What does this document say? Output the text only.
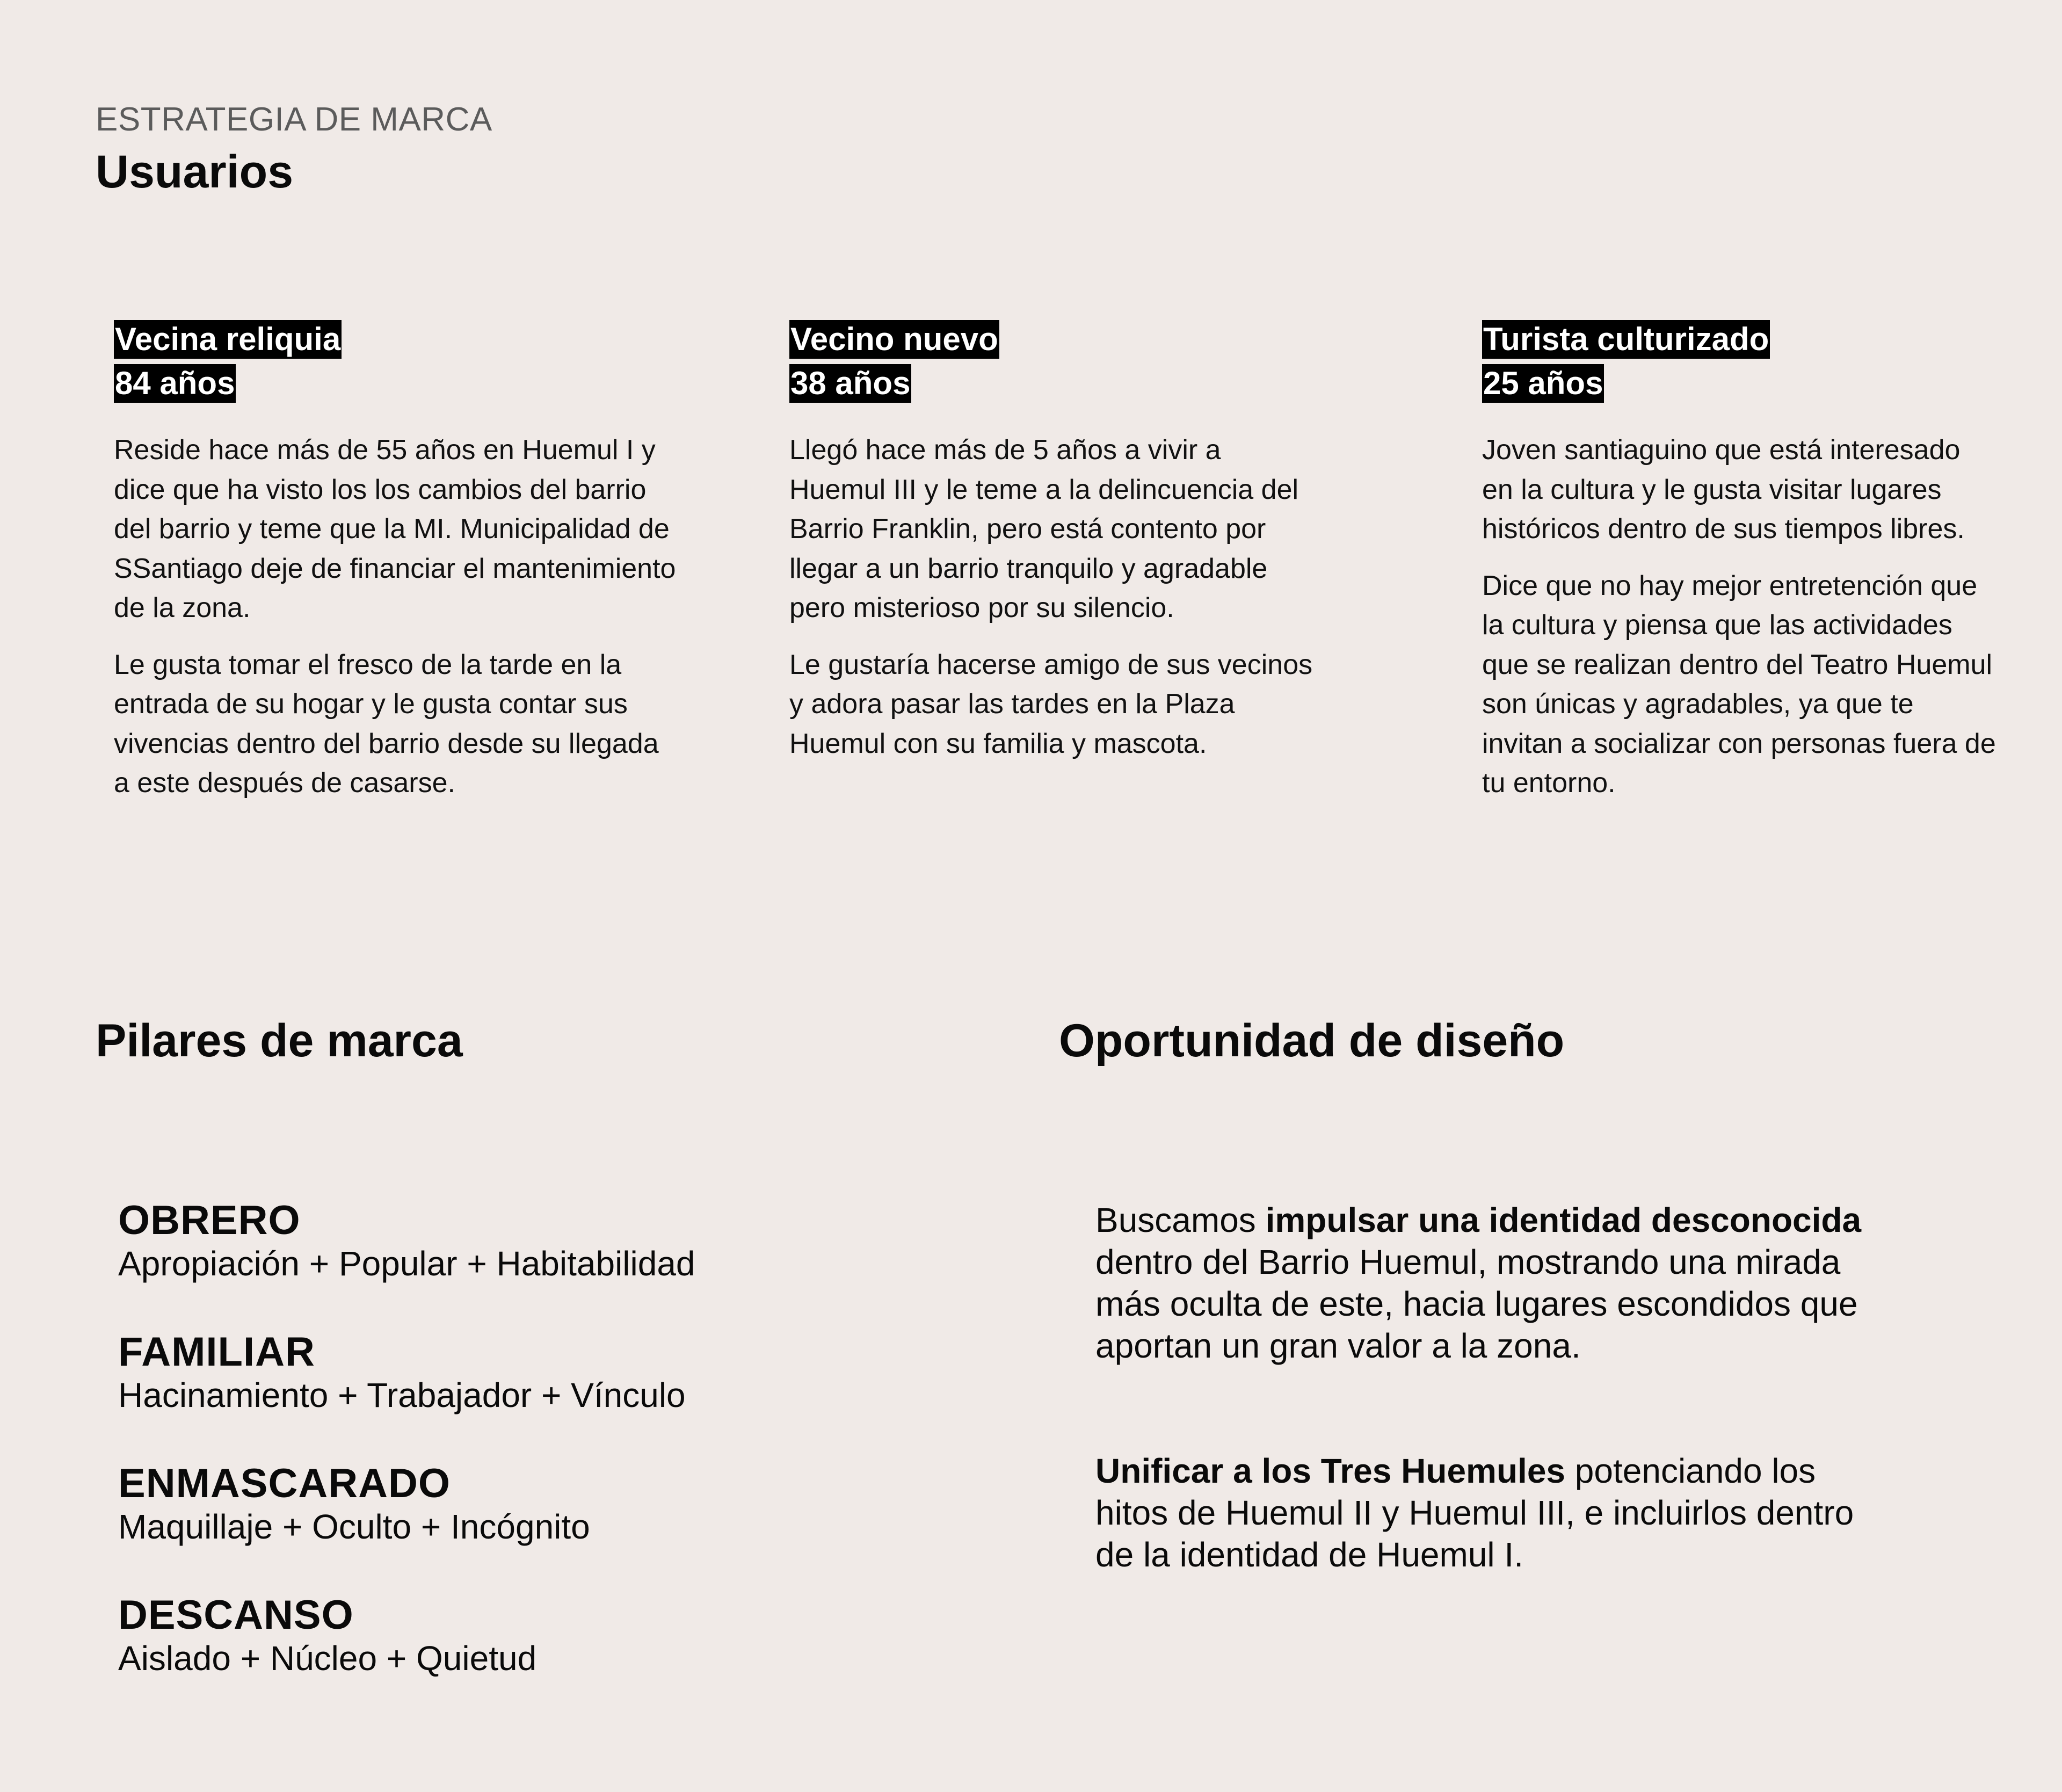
ESTRATEGIA DE MARCA
Usuarios
Vecina reliquia
84 años

Reside hace más de 55 años en Huemul I y dice que ha visto los los cambios del barrio del barrio y teme que la MI. Municipalidad de SSantiago deje de financiar el mantenimiento de la zona.

Le gusta tomar el fresco de la tarde en la entrada de su hogar y le gusta contar sus vivencias dentro del barrio desde su llegada a este después de casarse.

Vecino nuevo
38 años

Llegó hace más de 5 años a vivir a Huemul III y le teme a la delincuencia del Barrio Franklin, pero está contento por llegar a un barrio tranquilo y agradable pero misterioso por su silencio.

Le gustaría hacerse amigo de sus vecinos y adora pasar las tardes en la Plaza Huemul con su familia y mascota.

Turista culturizado
25 años

Joven santiaguino que está interesado en la cultura y le gusta visitar lugares históricos dentro de sus tiempos libres.

Dice que no hay mejor entretención que la cultura y piensa que las actividades que se realizan dentro del Teatro Huemul son únicas y agradables, ya que te invitan a socializar con personas fuera de tu entorno.

Pilares de marca	Oportunidad de diseño
OBRERO
Apropiación + Popular + Habitabilidad
FAMILIAR
Hacinamiento + Trabajador + Vínculo
ENMASCARADO
Maquillaje + Oculto + Incógnito
DESCANSO
Aislado + Núcleo + Quietud

Buscamos impulsar una identidad desconocida dentro del Barrio Huemul, mostrando una mirada más oculta de este, hacia lugares escondidos que aportan un gran valor a la zona.

Unificar a los Tres Huemules potenciando los hitos de Huemul II y Huemul III, e incluirlos dentro de la identidad de Huemul I.
